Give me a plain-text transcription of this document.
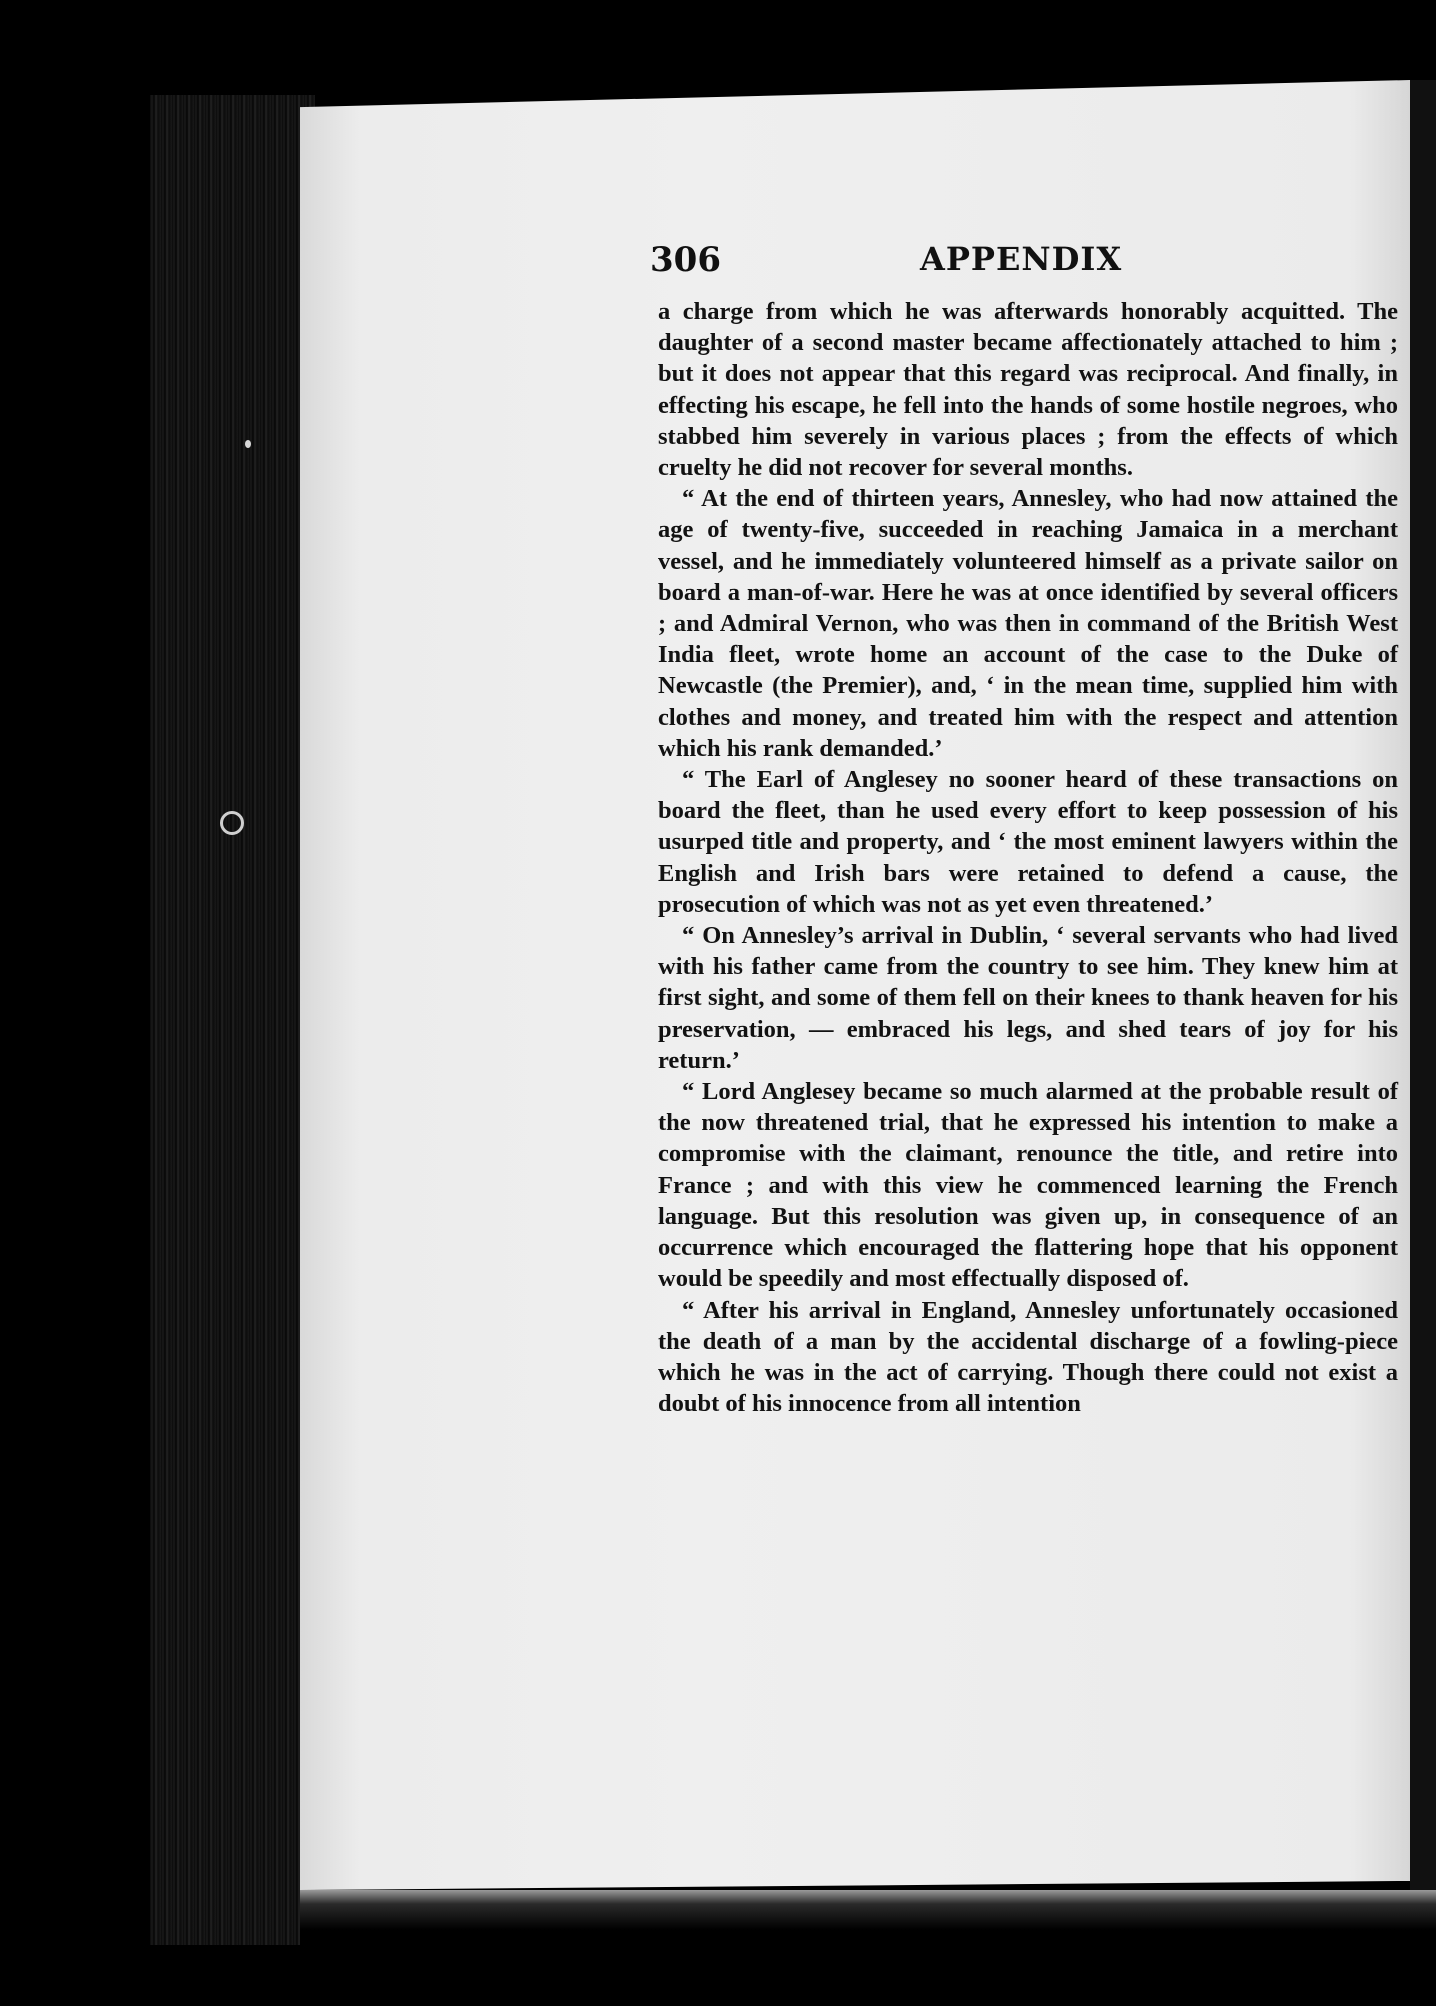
306	APPENDIX

a charge from which he was afterwards honorably acquitted. The daughter of a second master became affectionately attached to him ; but it does not appear that this regard was reciprocal. And finally, in effecting his escape, he fell into the hands of some hostile negroes, who stabbed him severely in various places ; from the effects of which cruelty he did not recover for several months.

“ At the end of thirteen years, Annesley, who had now attained the age of twenty-five, succeeded in reaching Jamaica in a merchant vessel, and he immediately volunteered himself as a private sailor on board a man-of-war. Here he was at once identified by several officers ; and Admiral Vernon, who was then in command of the British West India fleet, wrote home an account of the case to the Duke of Newcastle (the Premier), and, ‘ in the mean time, supplied him with clothes and money, and treated him with the respect and attention which his rank demanded.’

“ The Earl of Anglesey no sooner heard of these transactions on board the fleet, than he used every effort to keep possession of his usurped title and property, and ‘ the most eminent lawyers within the English and Irish bars were retained to defend a cause, the prosecution of which was not as yet even threatened.’

“ On Annesley’s arrival in Dublin, ‘ several servants who had lived with his father came from the country to see him. They knew him at first sight, and some of them fell on their knees to thank heaven for his preservation, — embraced his legs, and shed tears of joy for his return.’

“ Lord Anglesey became so much alarmed at the probable result of the now threatened trial, that he expressed his intention to make a compromise with the claimant, renounce the title, and retire into France ; and with this view he commenced learning the French language. But this resolution was given up, in consequence of an occurrence which encouraged the flattering hope that his opponent would be speedily and most effectually disposed of.

“ After his arrival in England, Annesley unfortunately occasioned the death of a man by the accidental discharge of a fowling-piece which he was in the act of carrying. Though there could not exist a doubt of his innocence from all intention
